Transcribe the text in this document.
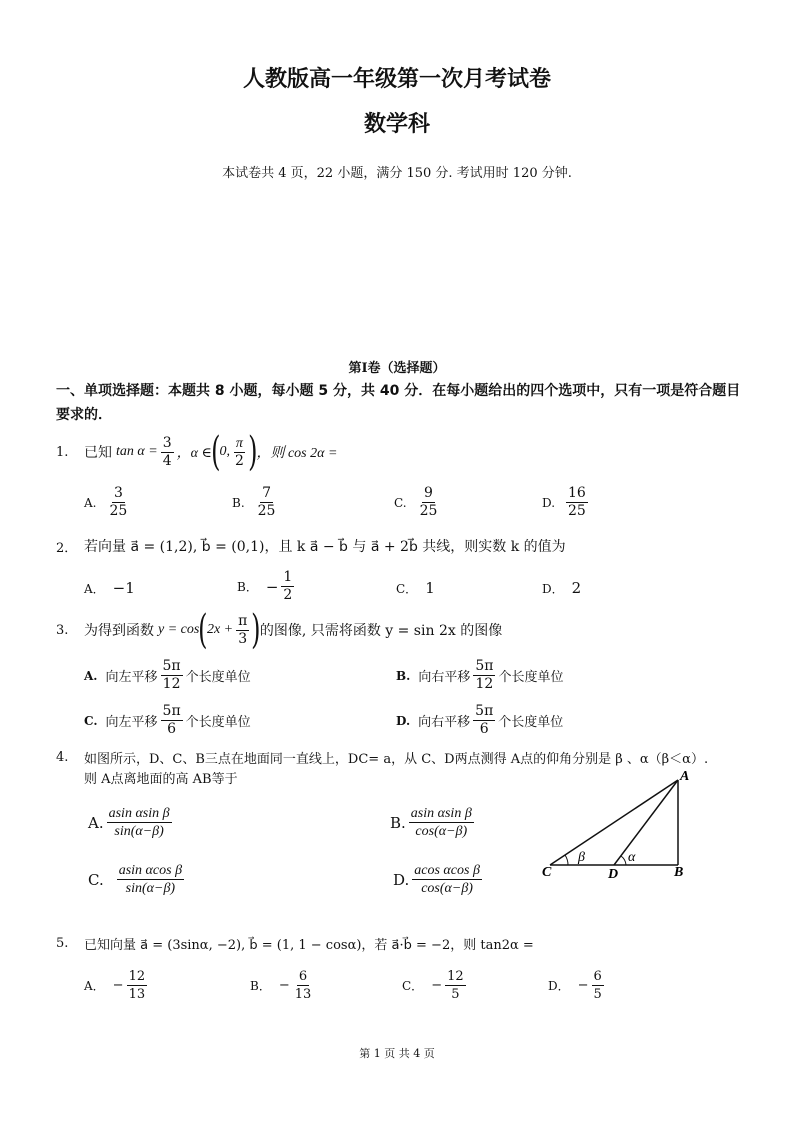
人教版高一年级第一次月考试卷
数学科
本试卷共 4 页，22 小题，满分 150 分. 考试用时 120 分钟.
第Ⅰ卷（选择题）
一、单项选择题：本题共 8 小题，每小题 5 分，共 40 分．在每小题给出的四个选项中，只有一项是符合题目要求的．
1.	已知 $\tan \alpha = \frac{3}{4}$ ，α ∈ ( 0, $\frac{\pi}{2}$ ) ，则 cos 2α =
A. $\frac{3}{25}$	B. $\frac{7}{25}$	C. $\frac{9}{25}$	D. $\frac{16}{25}$
2． 若向量 a⃗ = (1,2), b⃗ = (0,1)，且 k a⃗ − b⃗ 与 a⃗ + 2b⃗ 共线，则实数 k 的值为
A． −1	B． − $\frac{1}{2}$	C． 1	D． 2
3.	为得到函数 y = cos ( $2x + \frac{\pi}{3}$ ) 的图像, 只需将函数 y = sin 2x 的图像
A. 向左平移 $\frac{5\pi}{12}$ 个长度单位	B. 向右平移 $\frac{5\pi}{12}$ 个长度单位
C. 向左平移 $\frac{5\pi}{6}$ 个长度单位	D. 向右平移 $\frac{5\pi}{6}$ 个长度单位
4.	如图所示，D、C、B三点在地面同一直线上，DC= a，从 C、D两点测得 A点的仰角分别是 β 、α（β＜α）.
则 A点离地面的高 AB等于
A. $\frac{\text{asin αsin β}}{\sin(\alpha-\beta)}$	B. $\frac{\text{asin αsin β}}{\cos(\alpha-\beta)}$
C. $\frac{\text{asin αcos β}}{\sin(\alpha-\beta)}$	D. $\frac{\text{acos αcos β}}{\cos(\alpha-\beta)}$
A
B
C	D
β	α
5.	已知向量 a⃗ = (3sinα, −2), b⃗ = (1, 1 − cosα)，若 a⃗·b⃗ = −2，则 tan2α =
A． − $\frac{12}{13}$	B． − $\frac{6}{13}$	C． − $\frac{12}{5}$	D． − $\frac{6}{5}$
第 1 页 共 4 页
